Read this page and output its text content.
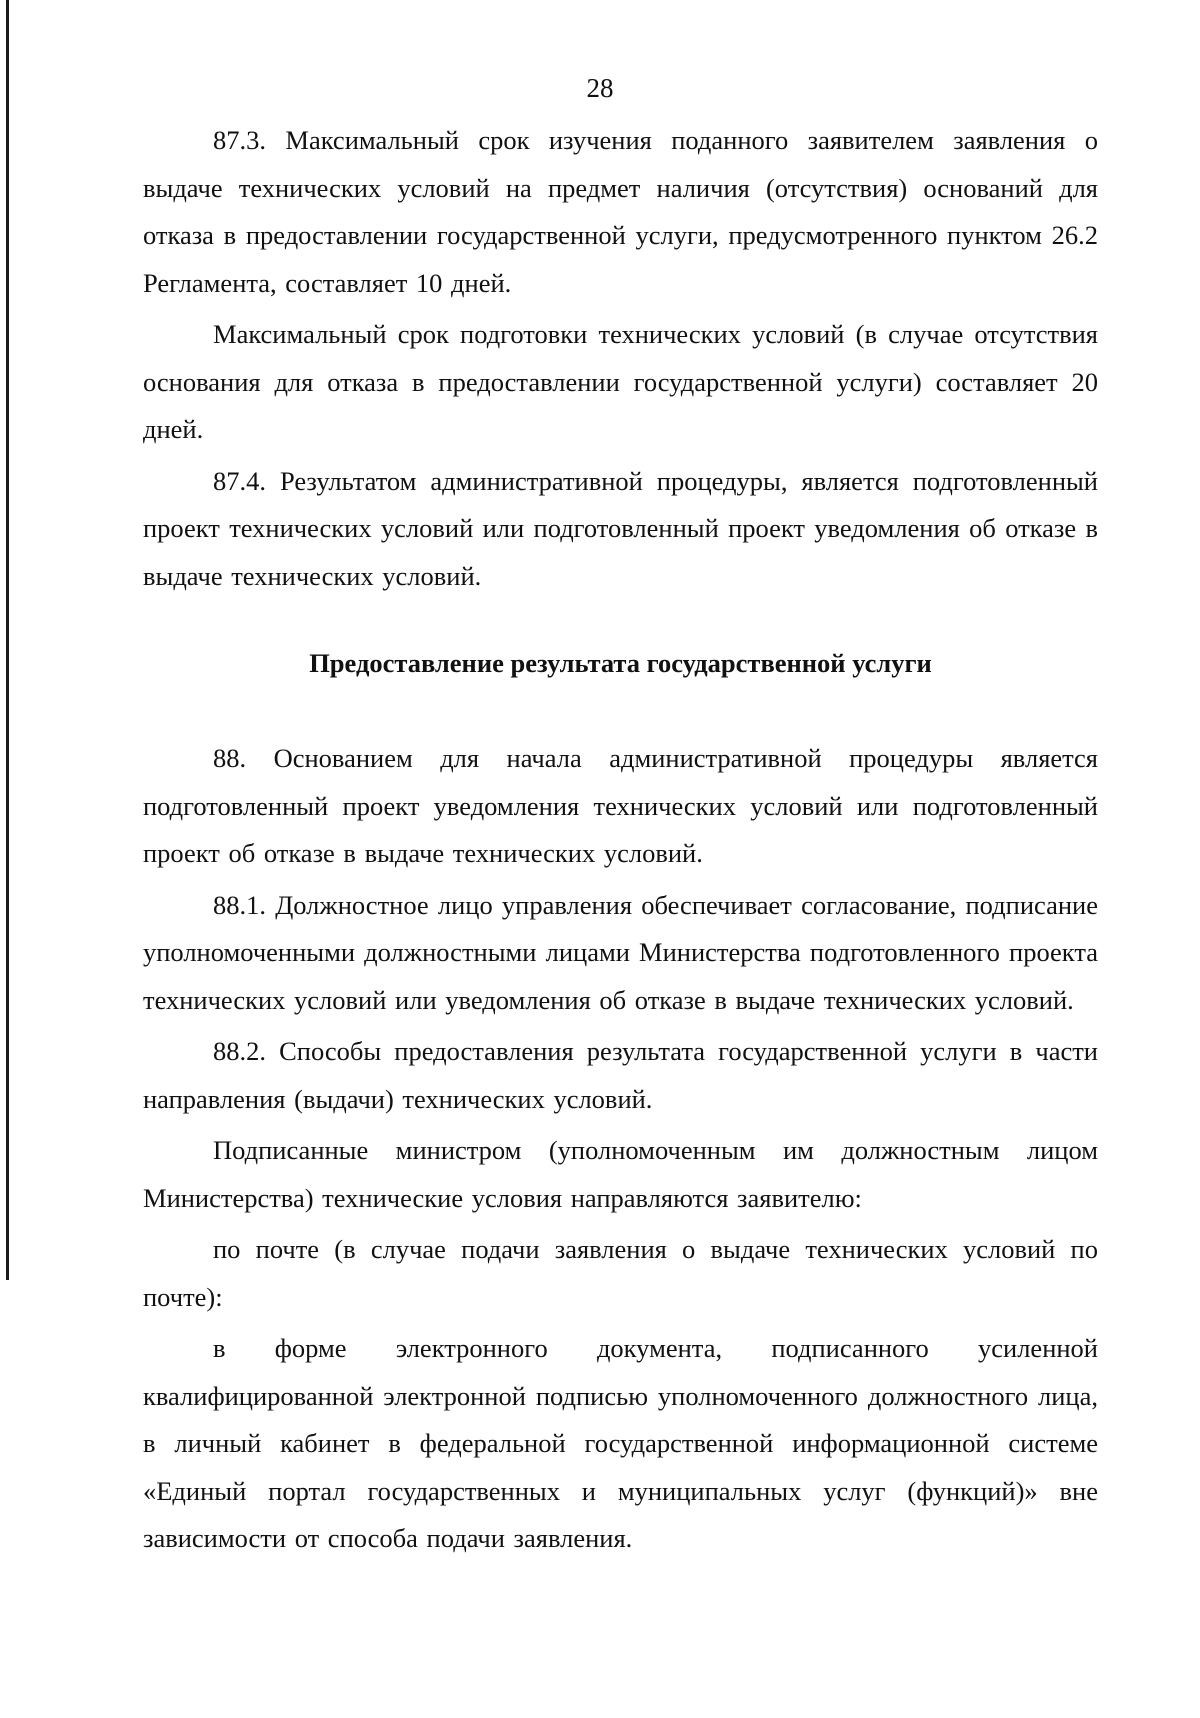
28

87.3. Максимальный срок изучения поданного заявителем заявления о выдаче технических условий на предмет наличия (отсутствия) оснований для отказа в предоставлении государственной услуги, предусмотренного пунктом 26.2 Регламента, составляет 10 дней.

Максимальный срок подготовки технических условий (в случае отсутствия основания для отказа в предоставлении государственной услуги) составляет 20 дней.

87.4. Результатом административной процедуры, является подготовленный проект технических условий или подготовленный проект уведомления об отказе в выдаче технических условий.

Предоставление результата государственной услуги

88. Основанием для начала административной процедуры является подготовленный проект уведомления технических условий или подготовленный проект об отказе в выдаче технических условий.

88.1. Должностное лицо управления обеспечивает согласование, подписание уполномоченными должностными лицами Министерства подготовленного проекта технических условий или уведомления об отказе в выдаче технических условий.

88.2. Способы предоставления результата государственной услуги в части направления (выдачи) технических условий.

Подписанные министром (уполномоченным им должностным лицом Министерства) технические условия направляются заявителю:

по почте (в случае подачи заявления о выдаче технических условий по почте):

в форме электронного документа, подписанного усиленной квалифицированной электронной подписью уполномоченного должностного лица, в личный кабинет в федеральной государственной информационной системе «Единый портал государственных и муниципальных услуг (функций)» вне зависимости от способа подачи заявления.
